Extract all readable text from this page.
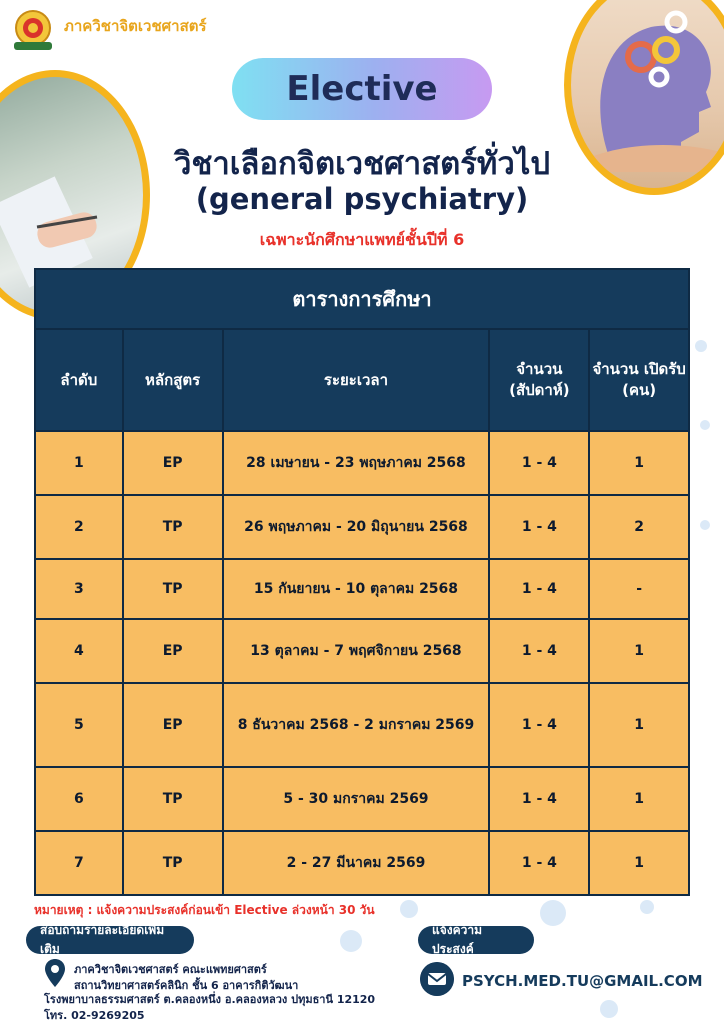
ภาควิชาจิตเวชศาสตร์
Elective
วิชาเลือกจิตเวชศาสตร์ทั่วไป
(general psychiatry)
เฉพาะนักศึกษาแพทย์ชั้นปีที่ 6
ตารางการศึกษา				
ลำดับ	หลักสูตร	ระยะเวลา	จำนวน (สัปดาห์)	จำนวน เปิดรับ (คน)
1	EP	28 เมษายน - 23 พฤษภาคม 2568	1 - 4	1
2	TP	26 พฤษภาคม - 20 มิถุนายน 2568	1 - 4	2
3	TP	15 กันยายน - 10 ตุลาคม 2568	1 - 4	-
4	EP	13 ตุลาคม - 7 พฤศจิกายน 2568	1 - 4	1
5	EP	8 ธันวาคม 2568 - 2 มกราคม 2569	1 - 4	1
6	TP	5 - 30 มกราคม 2569	1 - 4	1
7	TP	2 - 27 มีนาคม 2569	1 - 4	1
หมายเหตุ : แจ้งความประสงค์ก่อนเข้า Elective ล่วงหน้า 30 วัน
สอบถามรายละเอียดเพิ่มเติม
แจ้งความประสงค์
ภาควิชาจิตเวชศาสตร์ คณะแพทยศาสตร์
สถานวิทยาศาสตร์คลินิก ชั้น 6 อาคารกิติวัฒนา
โรงพยาบาลธรรมศาสตร์ ต.คลองหนึ่ง อ.คลองหลวง ปทุมธานี 12120
โทร. 02-9269205
PSYCH.MED.TU@GMAIL.COM
